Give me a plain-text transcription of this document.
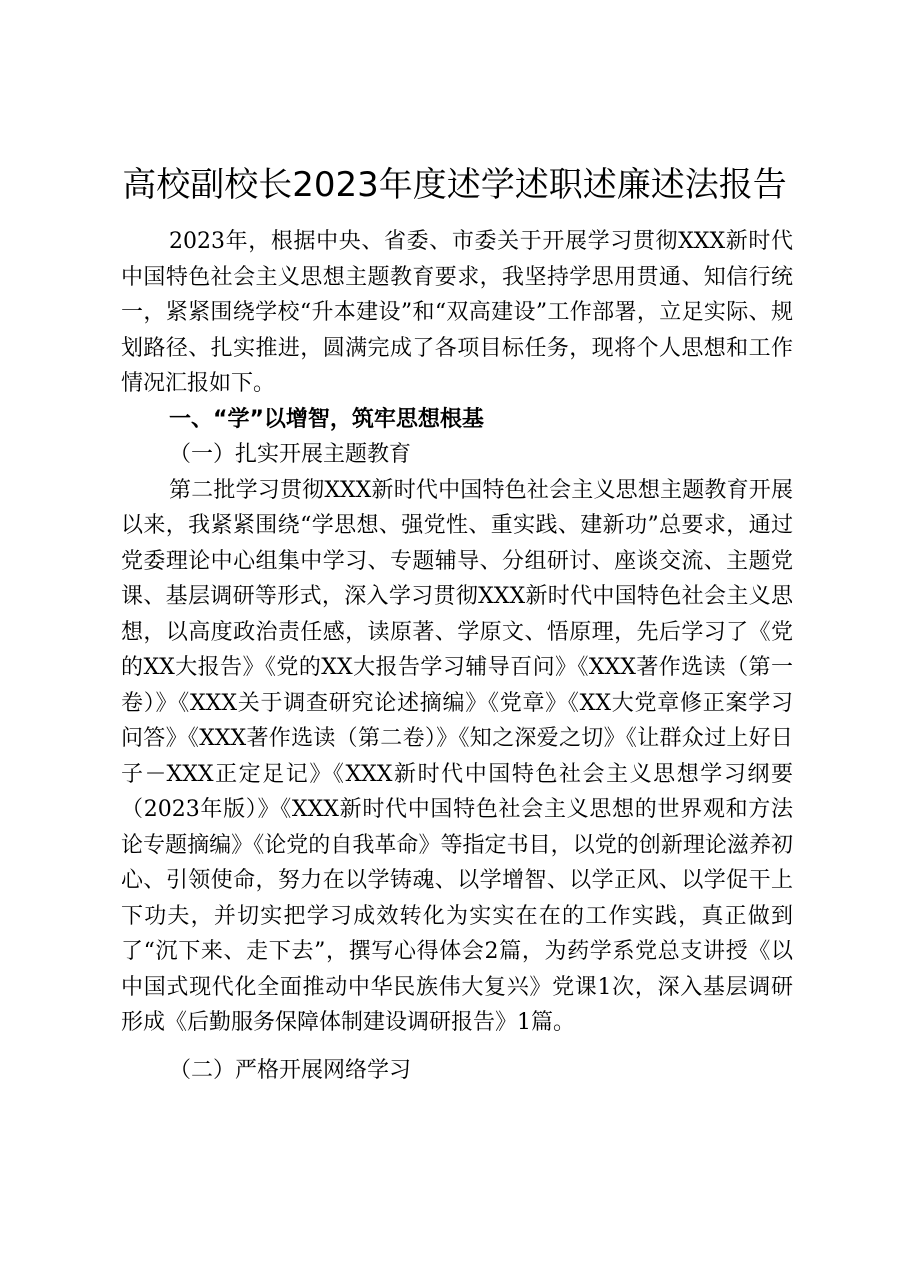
高校副校长2023年度述学述职述廉述法报告

2023年，根据中央、省委、市委关于开展学习贯彻XXX新时代中国特色社会主义思想主题教育要求，我坚持学思用贯通、知信行统一，紧紧围绕学校“升本建设”和“双高建设”工作部署，立足实际、规划路径、扎实推进，圆满完成了各项目标任务，现将个人思想和工作情况汇报如下。

一、“学”以增智，筑牢思想根基
（一）扎实开展主题教育

第二批学习贯彻XXX新时代中国特色社会主义思想主题教育开展以来，我紧紧围绕“学思想、强党性、重实践、建新功”总要求，通过党委理论中心组集中学习、专题辅导、分组研讨、座谈交流、主题党课、基层调研等形式，深入学习贯彻XXX新时代中国特色社会主义思想，以高度政治责任感，读原著、学原文、悟原理，先后学习了《党的XX大报告》《党的XX大报告学习辅导百问》《XXX著作选读（第一卷）》《XXX关于调查研究论述摘编》《党章》《XX大党章修正案学习问答》《XXX著作选读（第二卷）》《知之深爱之切》《让群众过上好日子－XXX正定足记》《XXX新时代中国特色社会主义思想学习纲要（2023年版）》《XXX新时代中国特色社会主义思想的世界观和方法论专题摘编》《论党的自我革命》等指定书目，以党的创新理论滋养初心、引领使命，努力在以学铸魂、以学增智、以学正风、以学促干上下功夫，并切实把学习成效转化为实实在在的工作实践，真正做到了“沉下来、走下去”，撰写心得体会2篇，为药学系党总支讲授《以中国式现代化全面推动中华民族伟大复兴》党课1次，深入基层调研形成《后勤服务保障体制建设调研报告》1篇。

（二）严格开展网络学习
